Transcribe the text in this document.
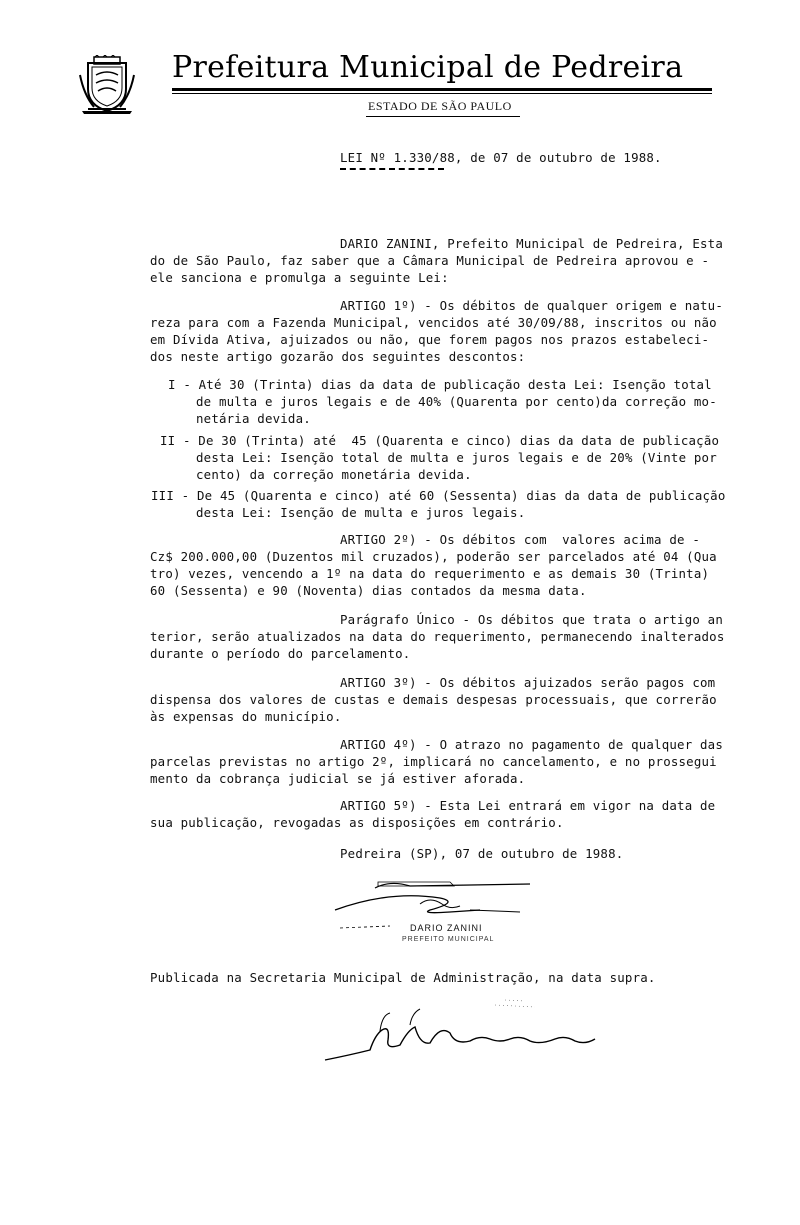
Prefeitura Municipal de Pedreira
ESTADO DE SÃO PAULO
LEI Nº 1.330/88, de 07 de outubro de 1988.
DARIO ZANINI, Prefeito Municipal de Pedreira, Esta
do de São Paulo, faz saber que a Câmara Municipal de Pedreira aprovou e -
ele sanciona e promulga a seguinte Lei:
ARTIGO 1º) - Os débitos de qualquer origem e natu-
reza para com a Fazenda Municipal, vencidos até 30/09/88, inscritos ou não
em Dívida Ativa, ajuizados ou não, que forem pagos nos prazos estabeleci-
dos neste artigo gozarão dos seguintes descontos:
I - Até 30 (Trinta) dias da data de publicação desta Lei: Isenção total
de multa e juros legais e de 40% (Quarenta por cento)da correção mo-
netária devida.
II - De 30 (Trinta) até  45 (Quarenta e cinco) dias da data de publicação
desta Lei: Isenção total de multa e juros legais e de 20% (Vinte por
cento) da correção monetária devida.
III - De 45 (Quarenta e cinco) até 60 (Sessenta) dias da data de publicação
desta Lei: Isenção de multa e juros legais.
ARTIGO 2º) - Os débitos com  valores acima de -
Cz$ 200.000,00 (Duzentos mil cruzados), poderão ser parcelados até 04 (Qua
tro) vezes, vencendo a 1º na data do requerimento e as demais 30 (Trinta)
60 (Sessenta) e 90 (Noventa) dias contados da mesma data.
Parágrafo Único - Os débitos que trata o artigo an
terior, serão atualizados na data do requerimento, permanecendo inalterados
durante o período do parcelamento.
ARTIGO 3º) - Os débitos ajuizados serão pagos com
dispensa dos valores de custas e demais despesas processuais, que correrão
às expensas do município.
ARTIGO 4º) - O atrazo no pagamento de qualquer das
parcelas previstas no artigo 2º, implicará no cancelamento, e no prossegui
mento da cobrança judicial se já estiver aforada.
ARTIGO 5º) - Esta Lei entrará em vigor na data de
sua publicação, revogadas as disposições em contrário.
Pedreira (SP), 07 de outubro de 1988.
DARIO ZANINI
PREFEITO MUNICIPAL
Publicada na Secretaria Municipal de Administração, na data supra.
